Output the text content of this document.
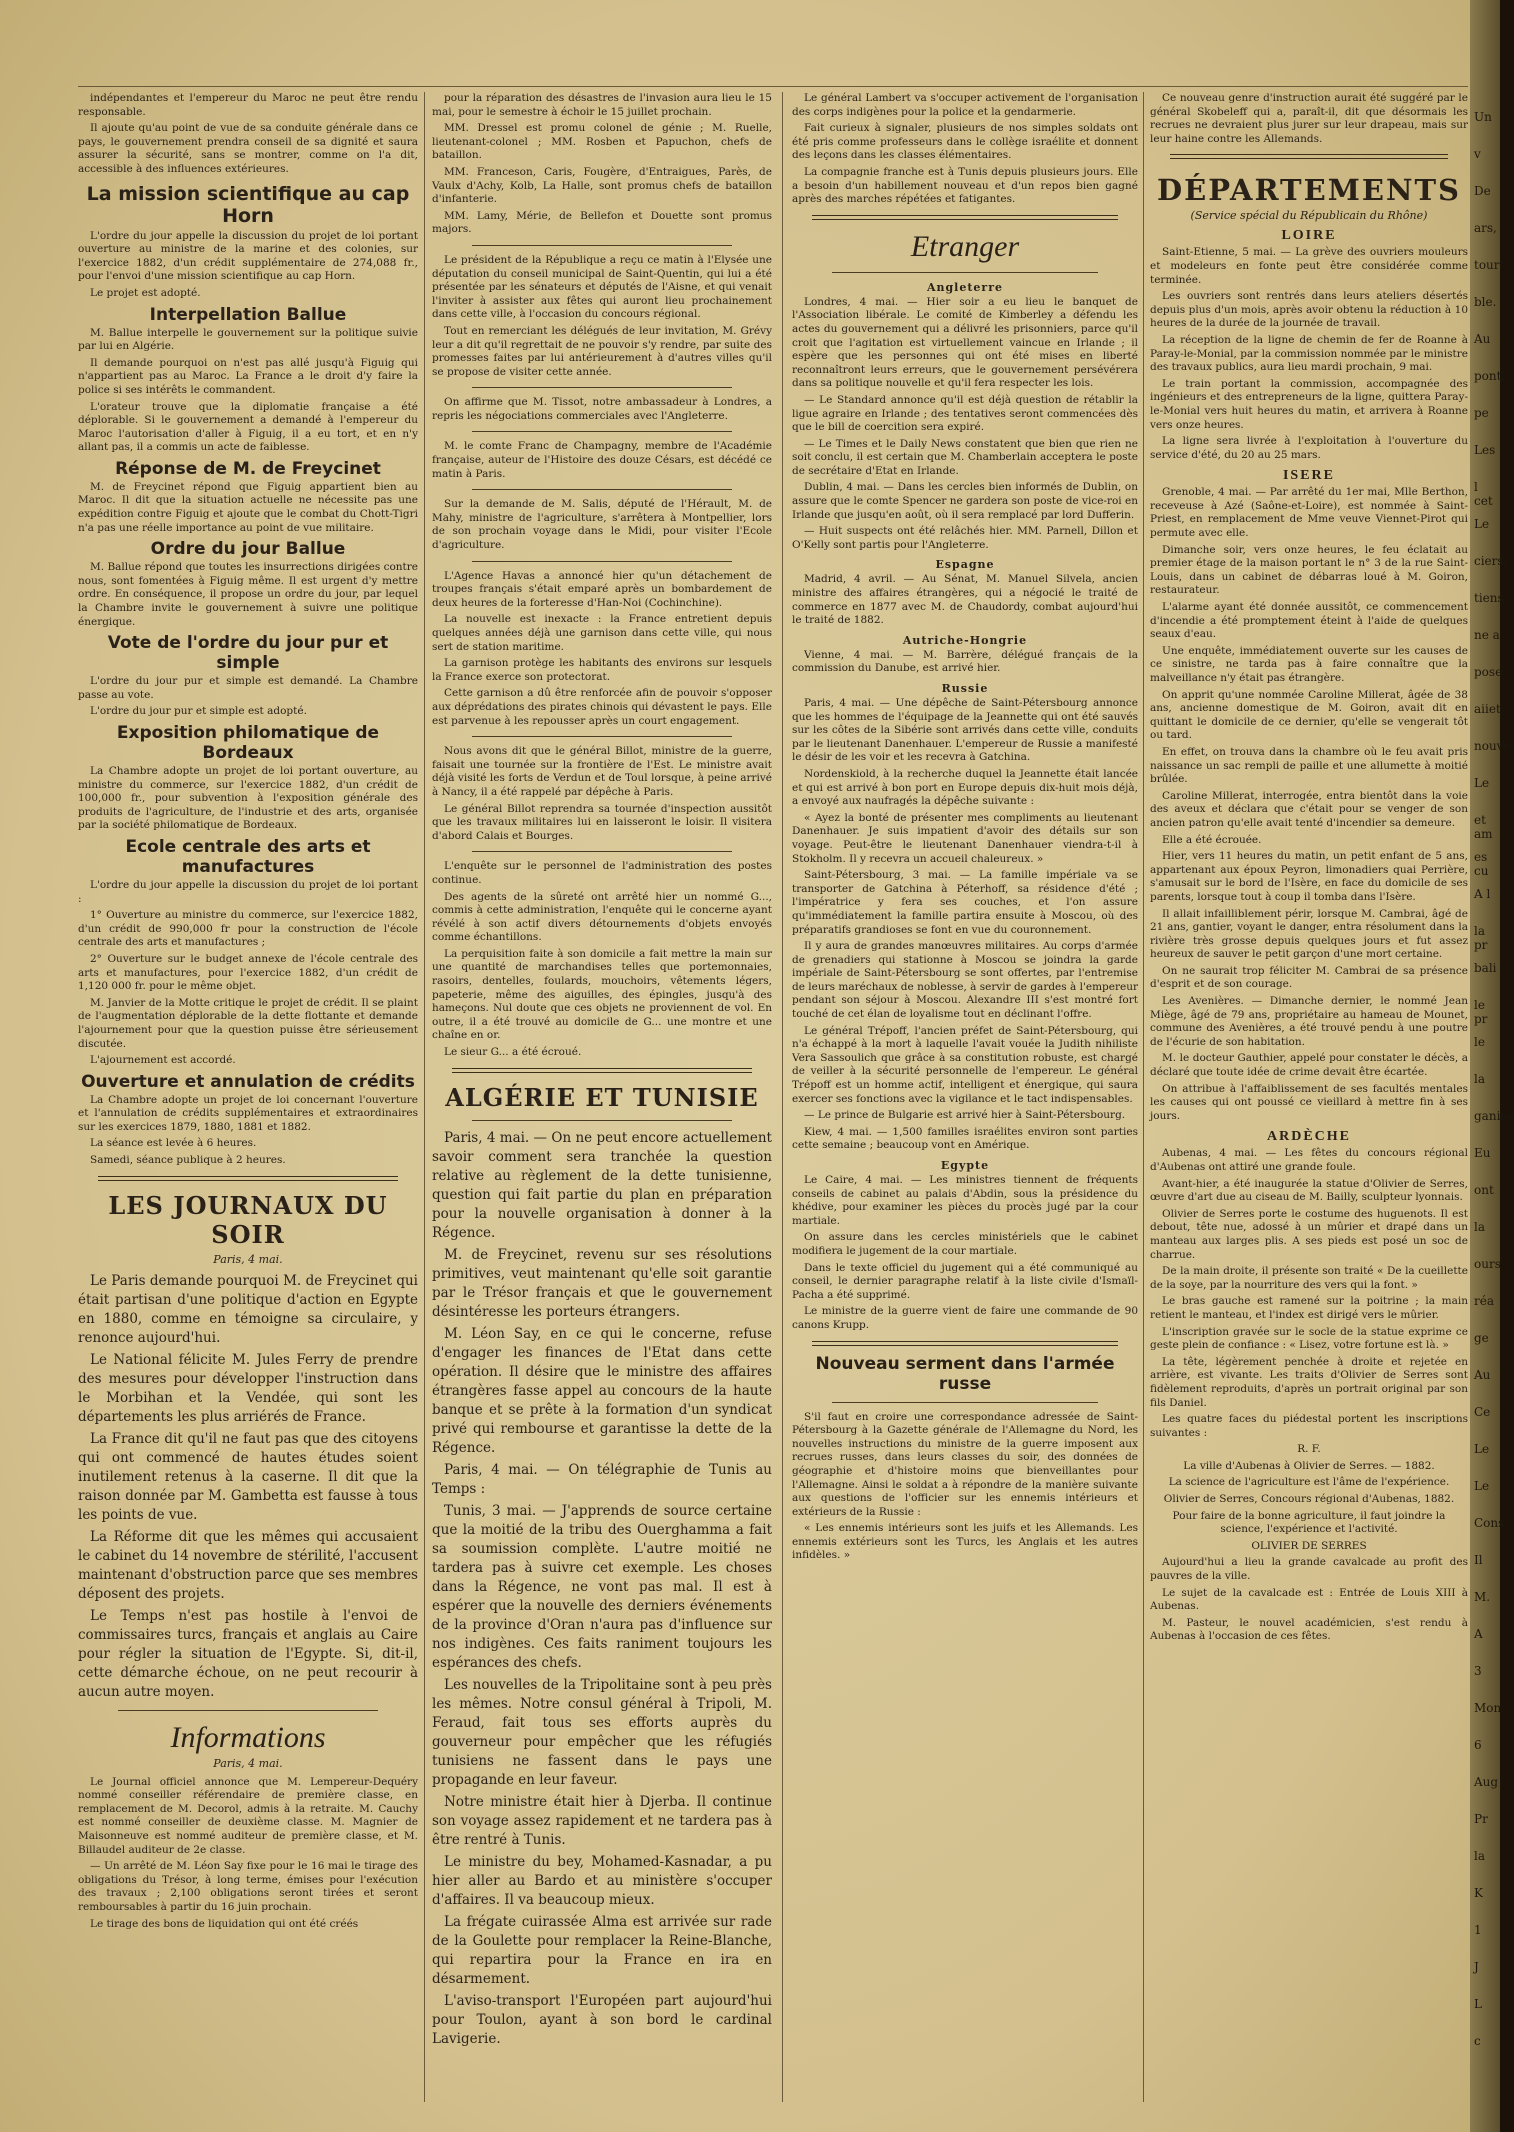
indépendantes et l'empereur du Maroc ne peut être rendu responsable.

Il ajoute qu'au point de vue de sa conduite générale dans ce pays, le gouvernement prendra conseil de sa dignité et saura assurer la sécurité, sans se montrer, comme on l'a dit, accessible à des influences extérieures.

La mission scientifique au cap Horn

L'ordre du jour appelle la discussion du projet de loi portant ouverture au ministre de la marine et des colonies, sur l'exercice 1882, d'un crédit supplémentaire de 274,088 fr., pour l'envoi d'une mission scientifique au cap Horn.

Le projet est adopté.

Interpellation Ballue

M. Ballue interpelle le gouvernement sur la politique suivie par lui en Algérie.

Il demande pourquoi on n'est pas allé jusqu'à Figuig qui n'appartient pas au Maroc. La France a le droit d'y faire la police si ses intérêts le commandent.

L'orateur trouve que la diplomatie française a été déplorable. Si le gouvernement a demandé à l'empereur du Maroc l'autorisation d'aller à Figuig, il a eu tort, et en n'y allant pas, il a commis un acte de faiblesse.

Réponse de M. de Freycinet

M. de Freycinet répond que Figuig appartient bien au Maroc. Il dit que la situation actuelle ne nécessite pas une expédition contre Figuig et ajoute que le combat du Chott-Tigri n'a pas une réelle importance au point de vue militaire.

Ordre du jour Ballue

M. Ballue répond que toutes les insurrections dirigées contre nous, sont fomentées à Figuig même. Il est urgent d'y mettre ordre. En conséquence, il propose un ordre du jour, par lequel la Chambre invite le gouvernement à suivre une politique énergique.

Vote de l'ordre du jour pur et simple

L'ordre du jour pur et simple est demandé. La Chambre passe au vote.

L'ordre du jour pur et simple est adopté.

Exposition philomatique de Bordeaux

La Chambre adopte un projet de loi portant ouverture, au ministre du commerce, sur l'exercice 1882, d'un crédit de 100,000 fr., pour subvention à l'exposition générale des produits de l'agriculture, de l'industrie et des arts, organisée par la société philomatique de Bordeaux.

Ecole centrale des arts et manufactures

L'ordre du jour appelle la discussion du projet de loi portant :

1° Ouverture au ministre du commerce, sur l'exercice 1882, d'un crédit de 990,000 fr pour la construction de l'école centrale des arts et manufactures ;

2° Ouverture sur le budget annexe de l'école centrale des arts et manufactures, pour l'exercice 1882, d'un crédit de 1,120 000 fr. pour le même objet.

M. Janvier de la Motte critique le projet de crédit. Il se plaint de l'augmentation déplorable de la dette flottante et demande l'ajournement pour que la question puisse être sérieusement discutée.

L'ajournement est accordé.

Ouverture et annulation de crédits

La Chambre adopte un projet de loi concernant l'ouverture et l'annulation de crédits supplémentaires et extraordinaires sur les exercices 1879, 1880, 1881 et 1882.

La séance est levée à 6 heures.

Samedi, séance publique à 2 heures.

LES JOURNAUX DU SOIR
Paris, 4 mai.

Le Paris demande pourquoi M. de Freycinet qui était partisan d'une politique d'action en Egypte en 1880, comme en témoigne sa circulaire, y renonce aujourd'hui.

Le National félicite M. Jules Ferry de prendre des mesures pour développer l'instruction dans le Morbihan et la Vendée, qui sont les départements les plus arriérés de France.

La France dit qu'il ne faut pas que des citoyens qui ont commencé de hautes études soient inutilement retenus à la caserne. Il dit que la raison donnée par M. Gambetta est fausse à tous les points de vue.

La Réforme dit que les mêmes qui accusaient le cabinet du 14 novembre de stérilité, l'accusent maintenant d'obstruction parce que ses membres déposent des projets.

Le Temps n'est pas hostile à l'envoi de commissaires turcs, français et anglais au Caire pour régler la situation de l'Egypte. Si, dit-il, cette démarche échoue, on ne peut recourir à aucun autre moyen.

Informations
Paris, 4 mai.

Le Journal officiel annonce que M. Lempereur-Dequéry nommé conseiller référendaire de première classe, en remplacement de M. Decorol, admis à la retraite. M. Cauchy est nommé conseiller de deuxième classe. M. Magnier de Maisonneuve est nommé auditeur de première classe, et M. Billaudel auditeur de 2e classe.

— Un arrêté de M. Léon Say fixe pour le 16 mai le tirage des obligations du Trésor, à long terme, émises pour l'exécution des travaux ; 2,100 obligations seront tirées et seront remboursables à partir du 16 juin prochain.

Le tirage des bons de liquidation qui ont été créés

pour la réparation des désastres de l'invasion aura lieu le 15 mai, pour le semestre à échoir le 15 juillet prochain.

MM. Dressel est promu colonel de génie ; M. Ruelle, lieutenant-colonel ; MM. Rosben et Papuchon, chefs de bataillon.

MM. Franceson, Caris, Fougère, d'Entraigues, Parès, de Vaulx d'Achy, Kolb, La Halle, sont promus chefs de bataillon d'infanterie.

MM. Lamy, Mérie, de Bellefon et Douette sont promus majors.

Le président de la République a reçu ce matin à l'Elysée une députation du conseil municipal de Saint-Quentin, qui lui a été présentée par les sénateurs et députés de l'Aisne, et qui venait l'inviter à assister aux fêtes qui auront lieu prochainement dans cette ville, à l'occasion du concours régional.

Tout en remerciant les délégués de leur invitation, M. Grévy leur a dit qu'il regrettait de ne pouvoir s'y rendre, par suite des promesses faites par lui antérieurement à d'autres villes qu'il se propose de visiter cette année.

On affirme que M. Tissot, notre ambassadeur à Londres, a repris les négociations commerciales avec l'Angleterre.

M. le comte Franc de Champagny, membre de l'Académie française, auteur de l'Histoire des douze Césars, est décédé ce matin à Paris.

Sur la demande de M. Salis, député de l'Hérault, M. de Mahy, ministre de l'agriculture, s'arrêtera à Montpellier, lors de son prochain voyage dans le Midi, pour visiter l'Ecole d'agriculture.

L'Agence Havas a annoncé hier qu'un détachement de troupes français s'était emparé après un bombardement de deux heures de la forteresse d'Han-Noi (Cochinchine).

La nouvelle est inexacte : la France entretient depuis quelques années déjà une garnison dans cette ville, qui nous sert de station maritime.

La garnison protège les habitants des environs sur lesquels la France exerce son protectorat.

Cette garnison a dû être renforcée afin de pouvoir s'opposer aux déprédations des pirates chinois qui dévastent le pays. Elle est parvenue à les repousser après un court engagement.

Nous avons dit que le général Billot, ministre de la guerre, faisait une tournée sur la frontière de l'Est. Le ministre avait déjà visité les forts de Verdun et de Toul lorsque, à peine arrivé à Nancy, il a été rappelé par dépêche à Paris.

Le général Billot reprendra sa tournée d'inspection aussitôt que les travaux militaires lui en laisseront le loisir. Il visitera d'abord Calais et Bourges.

L'enquête sur le personnel de l'administration des postes continue.

Des agents de la sûreté ont arrêté hier un nommé G..., commis à cette administration, l'enquête qui le concerne ayant révélé à son actif divers détournements d'objets envoyés comme échantillons.

La perquisition faite à son domicile a fait mettre la main sur une quantité de marchandises telles que portemonnaies, rasoirs, dentelles, foulards, mouchoirs, vêtements légers, papeterie, même des aiguilles, des épingles, jusqu'à des hameçons. Nul doute que ces objets ne proviennent de vol. En outre, il a été trouvé au domicile de G... une montre et une chaîne en or.

Le sieur G... a été écroué.

ALGÉRIE ET TUNISIE

Paris, 4 mai. — On ne peut encore actuellement savoir comment sera tranchée la question relative au règlement de la dette tunisienne, question qui fait partie du plan en préparation pour la nouvelle organisation à donner à la Régence.

M. de Freycinet, revenu sur ses résolutions primitives, veut maintenant qu'elle soit garantie par le Trésor français et que le gouvernement désintéresse les porteurs étrangers.

M. Léon Say, en ce qui le concerne, refuse d'engager les finances de l'Etat dans cette opération. Il désire que le ministre des affaires étrangères fasse appel au concours de la haute banque et se prête à la formation d'un syndicat privé qui rembourse et garantisse la dette de la Régence.

Paris, 4 mai. — On télégraphie de Tunis au Temps :

Tunis, 3 mai. — J'apprends de source certaine que la moitié de la tribu des Ouerghamma a fait sa soumission complète. L'autre moitié ne tardera pas à suivre cet exemple. Les choses dans la Régence, ne vont pas mal. Il est à espérer que la nouvelle des derniers événements de la province d'Oran n'aura pas d'influence sur nos indigènes. Ces faits raniment toujours les espérances des chefs.

Les nouvelles de la Tripolitaine sont à peu près les mêmes. Notre consul général à Tripoli, M. Feraud, fait tous ses efforts auprès du gouverneur pour empêcher que les réfugiés tunisiens ne fassent dans le pays une propagande en leur faveur.

Notre ministre était hier à Djerba. Il continue son voyage assez rapidement et ne tardera pas à être rentré à Tunis.

Le ministre du bey, Mohamed-Kasnadar, a pu hier aller au Bardo et au ministère s'occuper d'affaires. Il va beaucoup mieux.

La frégate cuirassée Alma est arrivée sur rade de la Goulette pour remplacer la Reine-Blanche, qui repartira pour la France en ira en désarmement.

L'aviso-transport l'Européen part aujourd'hui pour Toulon, ayant à son bord le cardinal Lavigerie.

Le général Lambert va s'occuper activement de l'organisation des corps indigènes pour la police et la gendarmerie.

Fait curieux à signaler, plusieurs de nos simples soldats ont été pris comme professeurs dans le collège israélite et donnent des leçons dans les classes élémentaires.

La compagnie franche est à Tunis depuis plusieurs jours. Elle a besoin d'un habillement nouveau et d'un repos bien gagné après des marches répétées et fatigantes.

Etranger
Angleterre

Londres, 4 mai. — Hier soir a eu lieu le banquet de l'Association libérale. Le comité de Kimberley a défendu les actes du gouvernement qui a délivré les prisonniers, parce qu'il croit que l'agitation est virtuellement vaincue en Irlande ; il espère que les personnes qui ont été mises en liberté reconnaîtront leurs erreurs, que le gouvernement persévérera dans sa politique nouvelle et qu'il fera respecter les lois.

— Le Standard annonce qu'il est déjà question de rétablir la ligue agraire en Irlande ; des tentatives seront commencées dès que le bill de coercition sera expiré.

— Le Times et le Daily News constatent que bien que rien ne soit conclu, il est certain que M. Chamberlain acceptera le poste de secrétaire d'Etat en Irlande.

Dublin, 4 mai. — Dans les cercles bien informés de Dublin, on assure que le comte Spencer ne gardera son poste de vice-roi en Irlande que jusqu'en août, où il sera remplacé par lord Dufferin.

— Huit suspects ont été relâchés hier. MM. Parnell, Dillon et O'Kelly sont partis pour l'Angleterre.

Espagne

Madrid, 4 avril. — Au Sénat, M. Manuel Silvela, ancien ministre des affaires étrangères, qui a négocié le traité de commerce en 1877 avec M. de Chaudordy, combat aujourd'hui le traité de 1882.

Autriche-Hongrie

Vienne, 4 mai. — M. Barrère, délégué français de la commission du Danube, est arrivé hier.

Russie

Paris, 4 mai. — Une dépêche de Saint-Pétersbourg annonce que les hommes de l'équipage de la Jeannette qui ont été sauvés sur les côtes de la Sibérie sont arrivés dans cette ville, conduits par le lieutenant Danenhauer. L'empereur de Russie a manifesté le désir de les voir et les recevra à Gatchina.

Nordenskiold, à la recherche duquel la Jeannette était lancée et qui est arrivé à bon port en Europe depuis dix-huit mois déjà, a envoyé aux naufragés la dépêche suivante :

« Ayez la bonté de présenter mes compliments au lieutenant Danenhauer. Je suis impatient d'avoir des détails sur son voyage. Peut-être le lieutenant Danenhauer viendra-t-il à Stokholm. Il y recevra un accueil chaleureux. »

Saint-Pétersbourg, 3 mai. — La famille impériale va se transporter de Gatchina à Péterhoff, sa résidence d'été ; l'impératrice y fera ses couches, et l'on assure qu'immédiatement la famille partira ensuite à Moscou, où des préparatifs grandioses se font en vue du couronnement.

Il y aura de grandes manœuvres militaires. Au corps d'armée de grenadiers qui stationne à Moscou se joindra la garde impériale de Saint-Pétersbourg se sont offertes, par l'entremise de leurs maréchaux de noblesse, à servir de gardes à l'empereur pendant son séjour à Moscou. Alexandre III s'est montré fort touché de cet élan de loyalisme tout en déclinant l'offre.

Le général Trépoff, l'ancien préfet de Saint-Pétersbourg, qui n'a échappé à la mort à laquelle l'avait vouée la Judith nihiliste Vera Sassoulich que grâce à sa constitution robuste, est chargé de veiller à la sécurité personnelle de l'empereur. Le général Trépoff est un homme actif, intelligent et énergique, qui saura exercer ses fonctions avec la vigilance et le tact indispensables.

— Le prince de Bulgarie est arrivé hier à Saint-Pétersbourg.

Kiew, 4 mai. — 1,500 familles israélites environ sont parties cette semaine ; beaucoup vont en Amérique.

Egypte

Le Caire, 4 mai. — Les ministres tiennent de fréquents conseils de cabinet au palais d'Abdin, sous la présidence du khédive, pour examiner les pièces du procès jugé par la cour martiale.

On assure dans les cercles ministériels que le cabinet modifiera le jugement de la cour martiale.

Dans le texte officiel du jugement qui a été communiqué au conseil, le dernier paragraphe relatif à la liste civile d'Ismaïl-Pacha a été supprimé.

Le ministre de la guerre vient de faire une commande de 90 canons Krupp.

Nouveau serment dans l'armée russe

S'il faut en croire une correspondance adressée de Saint-Pétersbourg à la Gazette générale de l'Allemagne du Nord, les nouvelles instructions du ministre de la guerre imposent aux recrues russes, dans leurs classes du soir, des données de géographie et d'histoire moins que bienveillantes pour l'Allemagne. Ainsi le soldat a à répondre de la manière suivante aux questions de l'officier sur les ennemis intérieurs et extérieurs de la Russie :

« Les ennemis intérieurs sont les juifs et les Allemands. Les ennemis extérieurs sont les Turcs, les Anglais et les autres infidèles. »

Ce nouveau genre d'instruction aurait été suggéré par le général Skobeleff qui a, paraît-il, dit que désormais les recrues ne devraient plus jurer sur leur drapeau, mais sur leur haine contre les Allemands.

DÉPARTEMENTS
(Service spécial du Républicain du Rhône)
LOIRE

Saint-Etienne, 5 mai. — La grève des ouvriers mouleurs et modeleurs en fonte peut être considérée comme terminée.

Les ouvriers sont rentrés dans leurs ateliers désertés depuis plus d'un mois, après avoir obtenu la réduction à 10 heures de la durée de la journée de travail.

La réception de la ligne de chemin de fer de Roanne à Paray-le-Monial, par la commission nommée par le ministre des travaux publics, aura lieu mardi prochain, 9 mai.

Le train portant la commission, accompagnée des ingénieurs et des entrepreneurs de la ligne, quittera Paray-le-Monial vers huit heures du matin, et arrivera à Roanne vers onze heures.

La ligne sera livrée à l'exploitation à l'ouverture du service d'été, du 20 au 25 mars.

ISERE

Grenoble, 4 mai. — Par arrêté du 1er mai, Mlle Berthon, receveuse à Azé (Saône-et-Loire), est nommée à Saint-Priest, en remplacement de Mme veuve Viennet-Pirot qui permute avec elle.

Dimanche soir, vers onze heures, le feu éclatait au premier étage de la maison portant le n° 3 de la rue Saint-Louis, dans un cabinet de débarras loué à M. Goiron, restaurateur.

L'alarme ayant été donnée aussitôt, ce commencement d'incendie a été promptement éteint à l'aide de quelques seaux d'eau.

Une enquête, immédiatement ouverte sur les causes de ce sinistre, ne tarda pas à faire connaître que la malveillance n'y était pas étrangère.

On apprit qu'une nommée Caroline Millerat, âgée de 38 ans, ancienne domestique de M. Goiron, avait dit en quittant le domicile de ce dernier, qu'elle se vengerait tôt ou tard.

En effet, on trouva dans la chambre où le feu avait pris naissance un sac rempli de paille et une allumette à moitié brûlée.

Caroline Millerat, interrogée, entra bientôt dans la voie des aveux et déclara que c'était pour se venger de son ancien patron qu'elle avait tenté d'incendier sa demeure.

Elle a été écrouée.

Hier, vers 11 heures du matin, un petit enfant de 5 ans, appartenant aux époux Peyron, limonadiers quai Perrière, s'amusait sur le bord de l'Isère, en face du domicile de ses parents, lorsque tout à coup il tomba dans l'Isère.

Il allait infailliblement périr, lorsque M. Cambrai, âgé de 21 ans, gantier, voyant le danger, entra résolument dans la rivière très grosse depuis quelques jours et fut assez heureux de sauver le petit garçon d'une mort certaine.

On ne saurait trop féliciter M. Cambrai de sa présence d'esprit et de son courage.

Les Avenières. — Dimanche dernier, le nommé Jean Miège, âgé de 79 ans, propriétaire au hameau de Mounet, commune des Avenières, a été trouvé pendu à une poutre de l'écurie de son habitation.

M. le docteur Gauthier, appelé pour constater le décès, a déclaré que toute idée de crime devait être écartée.

On attribue à l'affaiblissement de ses facultés mentales les causes qui ont poussé ce vieillard à mettre fin à ses jours.

ARDÈCHE

Aubenas, 4 mai. — Les fêtes du concours régional d'Aubenas ont attiré une grande foule.

Avant-hier, a été inaugurée la statue d'Olivier de Serres, œuvre d'art due au ciseau de M. Bailly, sculpteur lyonnais.

Olivier de Serres porte le costume des huguenots. Il est debout, tête nue, adossé à un mûrier et drapé dans un manteau aux larges plis. A ses pieds est posé un soc de charrue.

De la main droite, il présente son traité « De la cueillette de la soye, par la nourriture des vers qui la font. »

Le bras gauche est ramené sur la poitrine ; la main retient le manteau, et l'index est dirigé vers le mûrier.

L'inscription gravée sur le socle de la statue exprime ce geste plein de confiance : « Lisez, votre fortune est là. »

La tête, légèrement penchée à droite et rejetée en arrière, est vivante. Les traits d'Olivier de Serres sont fidèlement reproduits, d'après un portrait original par son fils Daniel.

Les quatre faces du piédestal portent les inscriptions suivantes :

R. F.

La ville d'Aubenas à Olivier de Serres. — 1882.

La science de l'agriculture est l'âme de l'expérience.

Olivier de Serres, Concours régional d'Aubenas, 1882.

Pour faire de la bonne agriculture, il faut joindre la science, l'expérience et l'activité.

OLIVIER DE SERRES

Aujourd'hui a lieu la grande cavalcade au profit des pauvres de la ville.

Le sujet de la cavalcade est : Entrée de Louis XIII à Aubenas.

M. Pasteur, le nouvel académicien, s'est rendu à Aubenas à l'occasion de ces fêtes.

Un
v
De
ars,
tour
ble.
Au
pont,
pe
Les
l cet
Le
ciers,
tiens
ne a
pose
aiiet
nouve
Le
et am
es cu
A l
la pr
bali
le pr
le
la
ganisé
Eu
ont
la
ours
réa
ge
Au
Ce
Le
Le
Cons
Il
M.
A
3
Mon
6
Aug
Pr
la
K
1
J
L
c
